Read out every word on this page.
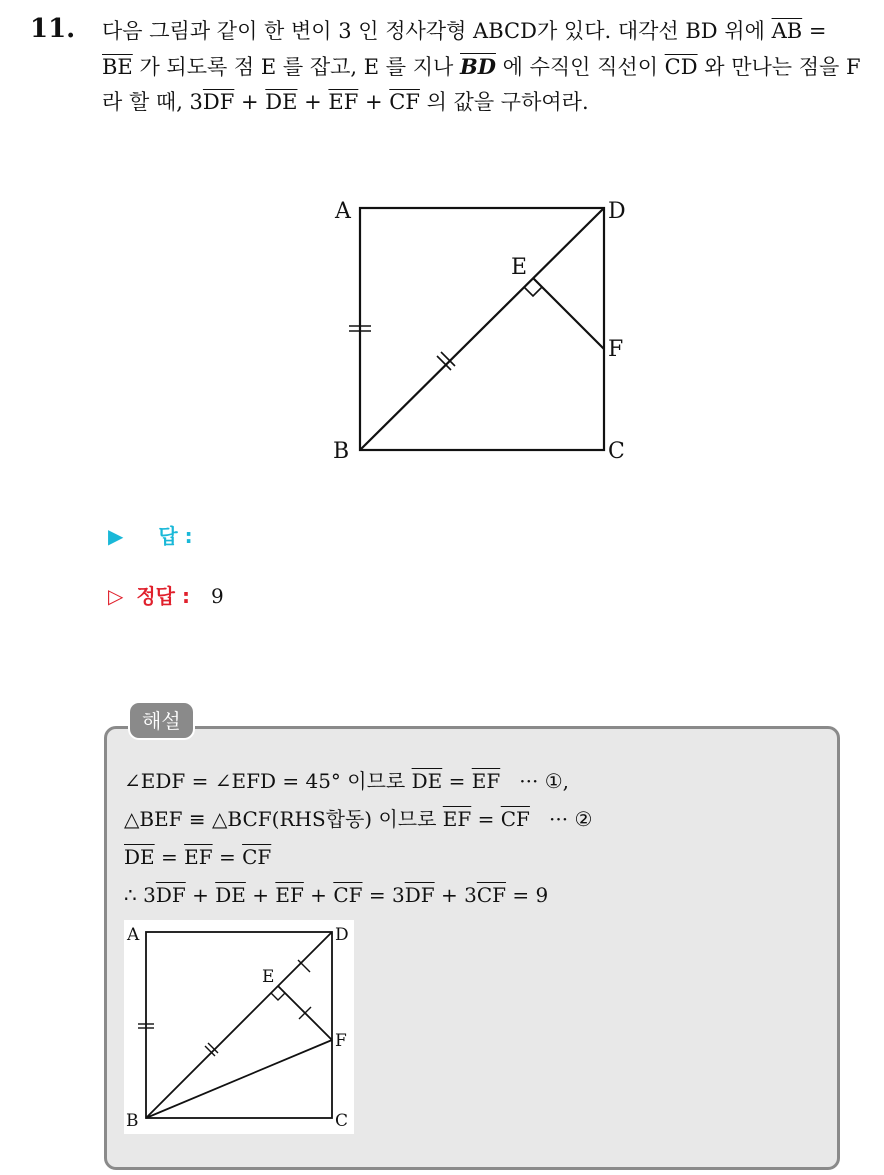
11. 다음 그림과 같이 한 변이 3 인 정사각형 ABCD가 있다. 대각선 BD 위에 $\overline{AB} = \overline{BE}$ 가 되도록 점 E 를 잡고, E 를 지나 $\overline{BD}$ 에 수직인 직선이 $\overline{CD}$ 와 만나는 점을 F 라 할 때, $3\overline{DF} + \overline{DE} + \overline{EF} + \overline{CF}$ 의 값을 구하여라.
A	D
E
F
B	C
▶ 답 :
▷ 정답 : 9
해설
∠EDF = ∠EFD = 45° 이므로 $\overline{DE} = \overline{EF}$   ··· ①,
△BEF ≡ △BCF(RHS합동) 이므로 $\overline{EF} = \overline{CF}$   ··· ②
$\overline{DE} = \overline{EF} = \overline{CF}$
∴ $3\overline{DF} + \overline{DE} + \overline{EF} + \overline{CF} = 3\overline{DF} + 3\overline{CF} = 9$
A	D
E
F
B	C
